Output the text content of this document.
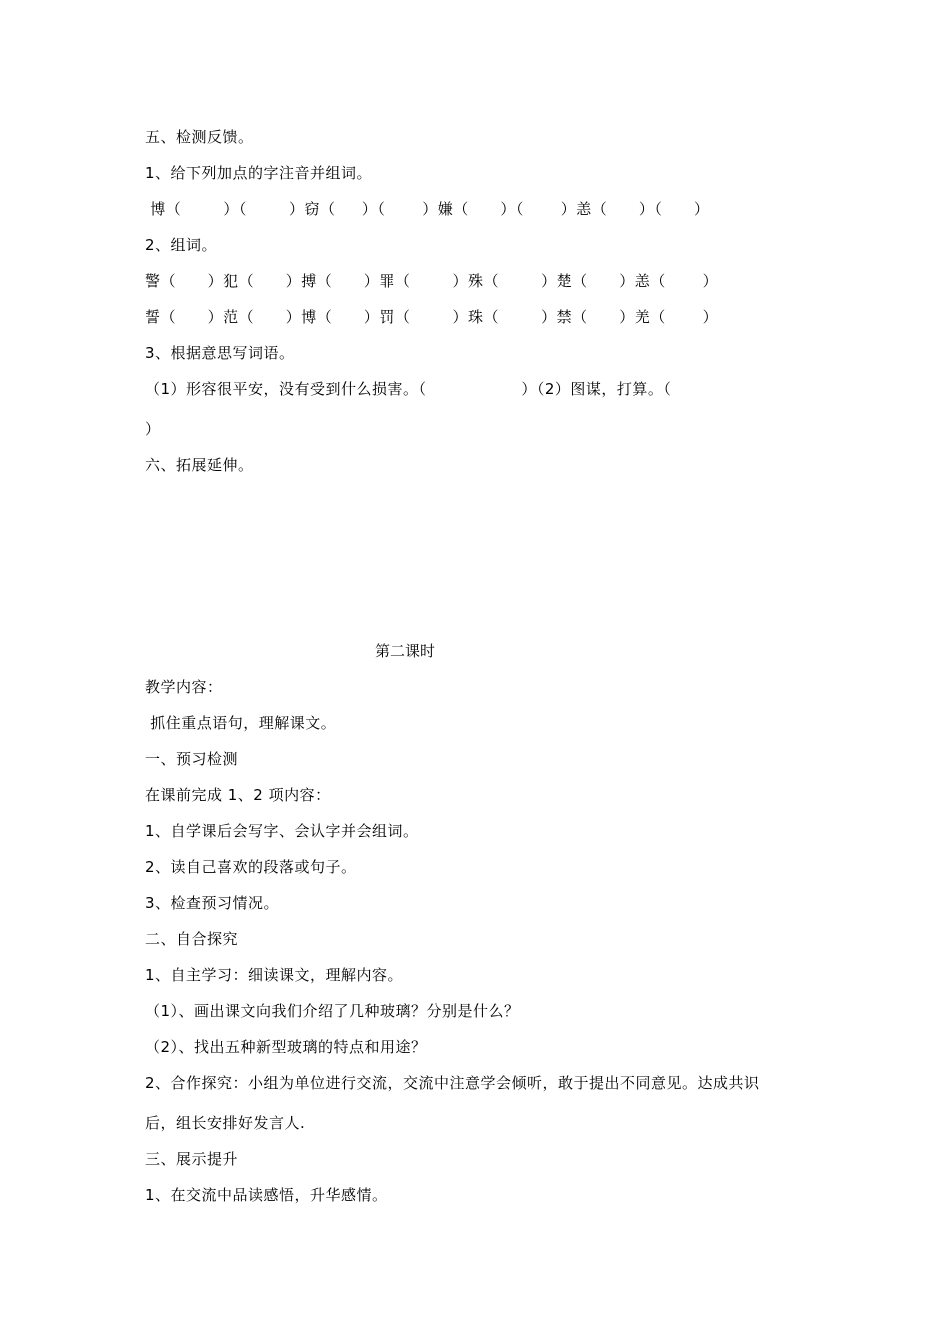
五、检测反馈。
1、给下列加点的字注音并组词。
博（        ）（        ）窃（     ）（       ）嫌（      ）（       ）恙（      ）（      ）
2、组词。
警（      ）犯（      ）搏（      ）罪（        ）殊（        ）楚（      ）恙（       ）
誓（      ）范（      ）博（      ）罚（        ）珠（        ）禁（      ）羌（       ）
3、根据意思写词语。
（1）形容很平安，没有受到什么损害。（                  ）（2）图谋，打算。（
）
六、拓展延伸。
第二课时
教学内容：
抓住重点语句，理解课文。
一、预习检测
在课前完成 1、2 项内容：
1、自学课后会写字、会认字并会组词。
2、读自己喜欢的段落或句子。
3、检查预习情况。
二、自合探究
1、自主学习：细读课文，理解内容。
（1）、画出课文向我们介绍了几种玻璃？分别是什么？
（2）、找出五种新型玻璃的特点和用途？
2、合作探究：小组为单位进行交流，交流中注意学会倾听，敢于提出不同意见。达成共识
后，组长安排好发言人.
三、展示提升
1、在交流中品读感悟，升华感情。
